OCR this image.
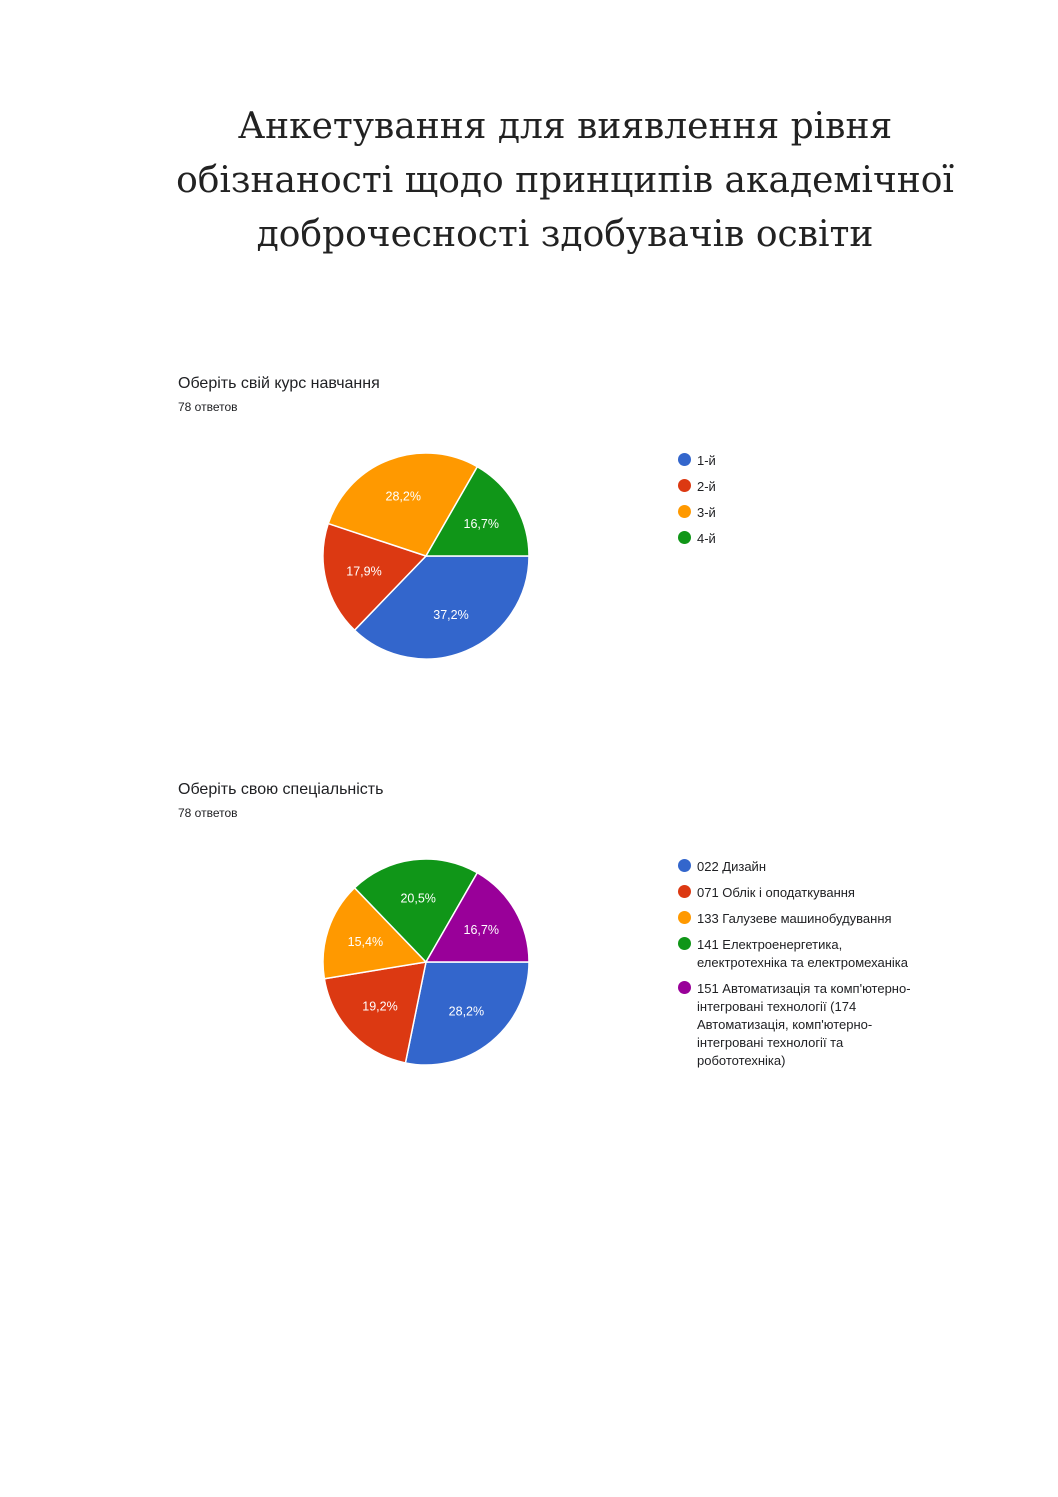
Анкетування для виявлення рівня
обізнаності щодо принципів академічної
доброчесності здобувачів освіти
Оберіть свій курс навчання
78 ответов
37,2%
17,9%
28,2%
16,7%
1-й
2-й
3-й
4-й
Оберіть свою спеціальність
78 ответов
28,2%
19,2%
15,4%
20,5%
16,7%
022 Дизайн
071 Облік і оподаткування
133 Галузеве машинобудування
141 Електроенергетика, електротехніка та електромеханіка
151 Автоматизація та комп'ютерно-інтегровані технології (174 Автоматизація, комп'ютерно-інтегровані технології та робототехніка)
